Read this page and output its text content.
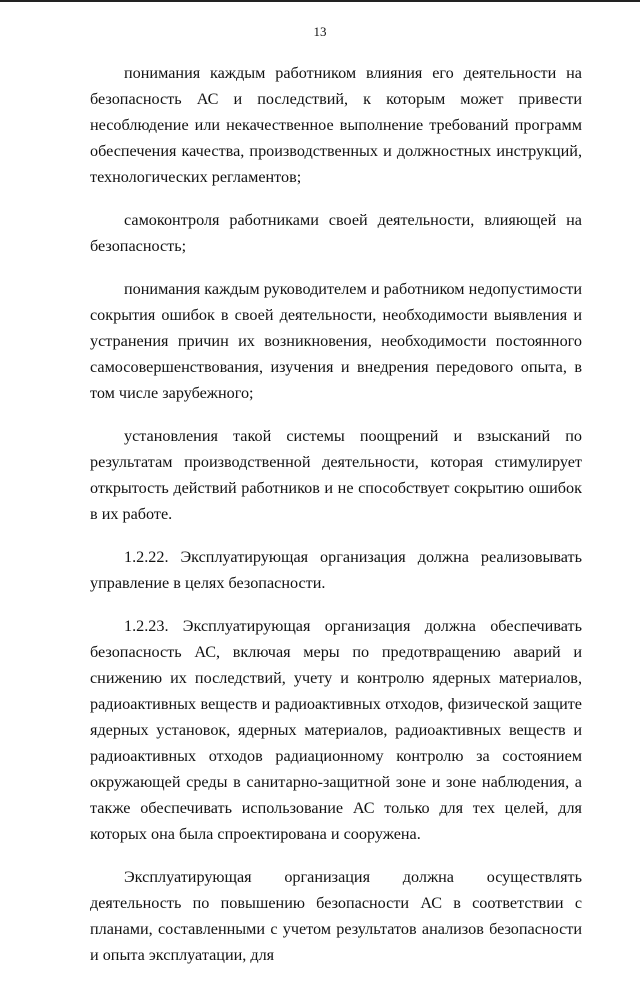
13

понимания каждым работником влияния его деятельности на безопасность АС и последствий, к которым может привести несоблюдение или некачественное выполнение требований программ обеспечения качества, производственных и должностных инструкций, технологических регламентов;

самоконтроля работниками своей деятельности, влияющей на безопасность;

понимания каждым руководителем и работником недопустимости сокрытия ошибок в своей деятельности, необходимости выявления и устранения причин их возникновения, необходимости постоянного самосовершенствования, изучения и внедрения передового опыта, в том числе зарубежного;

установления такой системы поощрений и взысканий по результатам производственной деятельности, которая стимулирует открытость действий работников и не способствует сокрытию ошибок в их работе.

1.2.22. Эксплуатирующая организация должна реализовывать управление в целях безопасности.

1.2.23. Эксплуатирующая организация должна обеспечивать безопасность АС, включая меры по предотвращению аварий и снижению их последствий, учету и контролю ядерных материалов, радиоактивных веществ и радиоактивных отходов, физической защите ядерных установок, ядерных материалов, радиоактивных веществ и радиоактивных отходов радиационному контролю за состоянием окружающей среды в санитарно-защитной зоне и зоне наблюдения, а также обеспечивать использование АС только для тех целей, для которых она была спроектирована и сооружена.

Эксплуатирующая организация должна осуществлять деятельность по повышению безопасности АС в соответствии с планами, составленными с учетом результатов анализов безопасности и опыта эксплуатации, для
